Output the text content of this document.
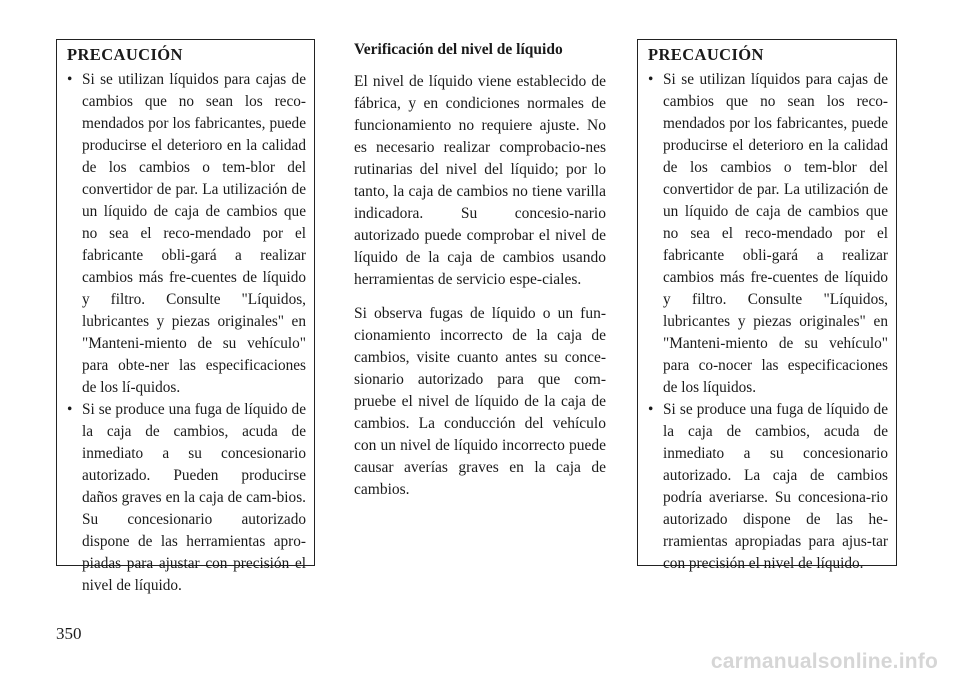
PRECAUCIÓN
• Si se utilizan líquidos para cajas de cambios que no sean los reco-mendados por los fabricantes, puede producirse el deterioro en la calidad de los cambios o tem-blor del convertidor de par. La utilización de un líquido de caja de cambios que no sea el reco-mendado por el fabricante obli-gará a realizar cambios más fre-cuentes de líquido y filtro. Consulte "Líquidos, lubricantes y piezas originales" en "Manteni-miento de su vehículo" para obte-ner las especificaciones de los lí-quidos.
• Si se produce una fuga de líquido de la caja de cambios, acuda de inmediato a su concesionario autorizado. Pueden producirse daños graves en la caja de cam-bios. Su concesionario autorizado dispone de las herramientas apro-piadas para ajustar con precisión el nivel de líquido.
Verificación del nivel de líquido

El nivel de líquido viene establecido de fábrica, y en condiciones normales de funcionamiento no requiere ajuste. No es necesario realizar comprobacio-nes rutinarias del nivel del líquido; por lo tanto, la caja de cambios no tiene varilla indicadora. Su concesio-nario autorizado puede comprobar el nivel de líquido de la caja de cambios usando herramientas de servicio espe-ciales.

Si observa fugas de líquido o un fun-cionamiento incorrecto de la caja de cambios, visite cuanto antes su conce-sionario autorizado para que com-pruebe el nivel de líquido de la caja de cambios. La conducción del vehículo con un nivel de líquido incorrecto puede causar averías graves en la caja de cambios.

PRECAUCIÓN
• Si se utilizan líquidos para cajas de cambios que no sean los reco-mendados por los fabricantes, puede producirse el deterioro en la calidad de los cambios o tem-blor del convertidor de par. La utilización de un líquido de caja de cambios que no sea el reco-mendado por el fabricante obli-gará a realizar cambios más fre-cuentes de líquido y filtro. Consulte "Líquidos, lubricantes y piezas originales" en "Manteni-miento de su vehículo" para co-nocer las especificaciones de los líquidos.
• Si se produce una fuga de líquido de la caja de cambios, acuda de inmediato a su concesionario autorizado. La caja de cambios podría averiarse. Su concesiona-rio autorizado dispone de las he-rramientas apropiadas para ajus-tar con precisión el nivel de líquido.
350
carmanualsonline.info
